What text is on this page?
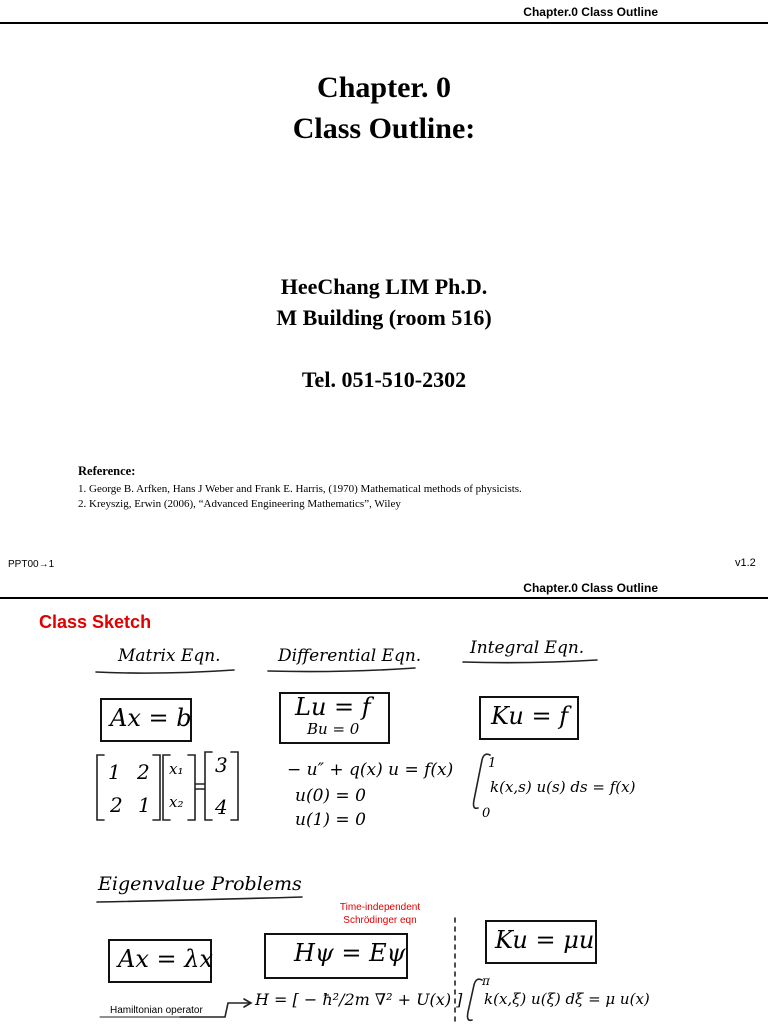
Chapter.0 Class Outline
Chapter. 0
Class Outline:
HeeChang LIM Ph.D.
M Building (room 516)
Tel. 051-510-2302
Reference:
1. George B. Arfken, Hans J Weber and Frank E. Harris, (1970) Mathematical methods of physicists.
2. Kreyszig, Erwin (2006), “Advanced Engineering Mathematics”, Wiley
PPT00→1	v1.2
Chapter.0 Class Outline
Class Sketch
Matrix Eqn.	Differential Eqn.	Integral Eqn.
Ax = b	Lu = f
Bu = 0	Ku = f
1 2 x₁ 3
2 1 x₂ 4
− u″ + q(x) u = f(x)
u(0) = 0
u(1) = 0
1
0
k(x,s) u(s) ds = f(x)
Eigenvalue Problems
Time-independent Schrödinger eqn
Ax = λx	Hψ = Eψ	Ku = μu
H = [ − ħ²/2m ∇² + U(x) ]
π
k(x,ξ) u(ξ) dξ = μ u(x)
Hamiltonian operator
